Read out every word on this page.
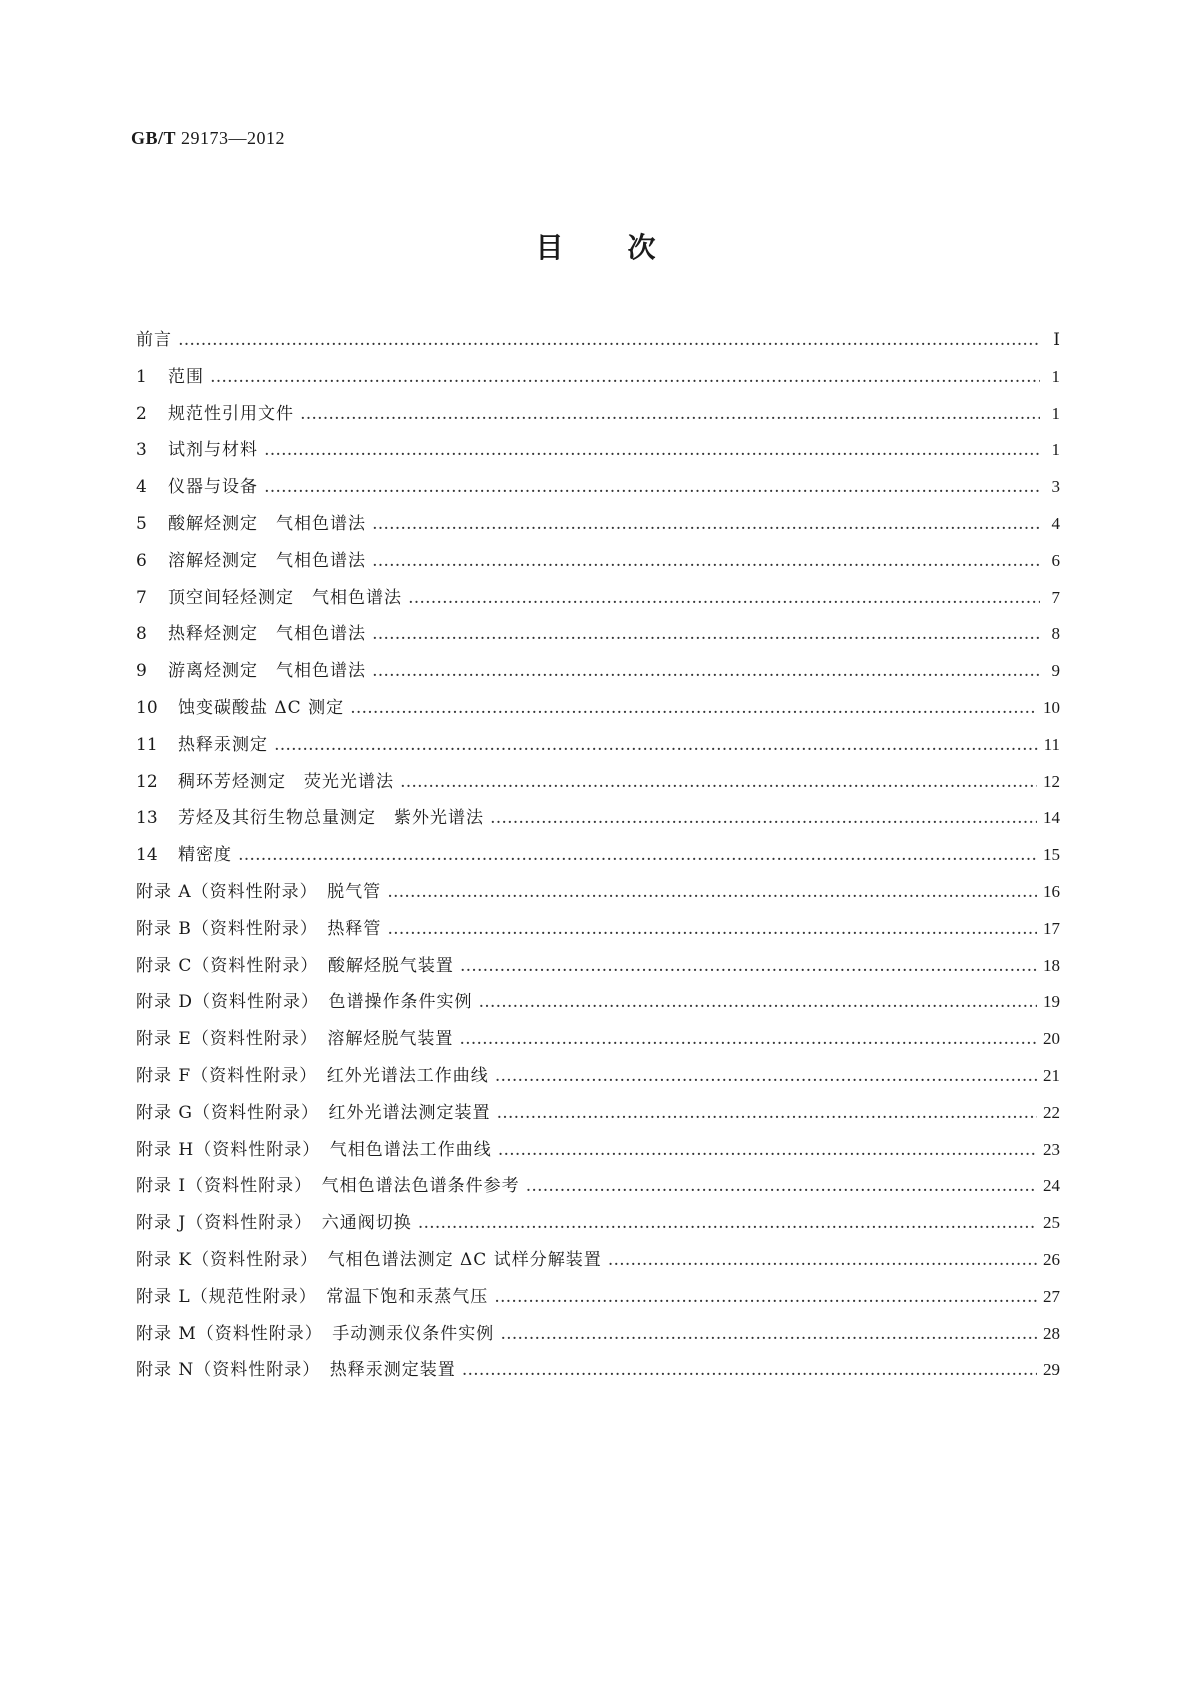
GB/T 29173—2012
目次
前言 ………………………………………………………………………………………………………………………………………………………………………………………………………………………………………………………………………	Ⅰ
1	范围 ………………………………………………………………………………………………………………………………………………………………………………………………………………………………………………………………………	1
2	规范性引用文件 ………………………………………………………………………………………………………………………………………………………………………………………………………………………………………………………………………	1
3	试剂与材料 ………………………………………………………………………………………………………………………………………………………………………………………………………………………………………………………………………	1
4	仪器与设备 ………………………………………………………………………………………………………………………………………………………………………………………………………………………………………………………………………	3
5	酸解烃测定　气相色谱法 ………………………………………………………………………………………………………………………………………………………………………………………………………………………………………………………………………	4
6	溶解烃测定　气相色谱法 ………………………………………………………………………………………………………………………………………………………………………………………………………………………………………………………………………	6
7	顶空间轻烃测定　气相色谱法 ………………………………………………………………………………………………………………………………………………………………………………………………………………………………………………………………………	7
8	热释烃测定　气相色谱法 ………………………………………………………………………………………………………………………………………………………………………………………………………………………………………………………………………	8
9	游离烃测定　气相色谱法 ………………………………………………………………………………………………………………………………………………………………………………………………………………………………………………………………………	9
10	蚀变碳酸盐 ΔC 测定 ………………………………………………………………………………………………………………………………………………………………………………………………………………………………………………………………………	10
11	热释汞测定 ………………………………………………………………………………………………………………………………………………………………………………………………………………………………………………………………………	11
12	稠环芳烃测定　荧光光谱法 ………………………………………………………………………………………………………………………………………………………………………………………………………………………………………………………………………	12
13	芳烃及其衍生物总量测定　紫外光谱法 ………………………………………………………………………………………………………………………………………………………………………………………………………………………………………………………………………	14
14	精密度 ………………………………………………………………………………………………………………………………………………………………………………………………………………………………………………………………………	15
附录 A（资料性附录）　脱气管 ………………………………………………………………………………………………………………………………………………………………………………………………………………………………………………………………………	16
附录 B（资料性附录）　热释管 ………………………………………………………………………………………………………………………………………………………………………………………………………………………………………………………………………	17
附录 C（资料性附录）　酸解烃脱气装置 ………………………………………………………………………………………………………………………………………………………………………………………………………………………………………………………………………	18
附录 D（资料性附录）　色谱操作条件实例 ………………………………………………………………………………………………………………………………………………………………………………………………………………………………………………………………………	19
附录 E（资料性附录）　溶解烃脱气装置 ………………………………………………………………………………………………………………………………………………………………………………………………………………………………………………………………………	20
附录 F（资料性附录）　红外光谱法工作曲线 ………………………………………………………………………………………………………………………………………………………………………………………………………………………………………………………………………	21
附录 G（资料性附录）　红外光谱法测定装置 ………………………………………………………………………………………………………………………………………………………………………………………………………………………………………………………………………	22
附录 H（资料性附录）　气相色谱法工作曲线 ………………………………………………………………………………………………………………………………………………………………………………………………………………………………………………………………………	23
附录 I（资料性附录）　气相色谱法色谱条件参考 ………………………………………………………………………………………………………………………………………………………………………………………………………………………………………………………………………	24
附录 J（资料性附录）　六通阀切换 ………………………………………………………………………………………………………………………………………………………………………………………………………………………………………………………………………	25
附录 K（资料性附录）　气相色谱法测定 ΔC 试样分解装置 ………………………………………………………………………………………………………………………………………………………………………………………………………………………………………………………………………	26
附录 L（规范性附录）　常温下饱和汞蒸气压 ………………………………………………………………………………………………………………………………………………………………………………………………………………………………………………………………………	27
附录 M（资料性附录）　手动测汞仪条件实例 ………………………………………………………………………………………………………………………………………………………………………………………………………………………………………………………………………	28
附录 N（资料性附录）　热释汞测定装置 ………………………………………………………………………………………………………………………………………………………………………………………………………………………………………………………………………	29
